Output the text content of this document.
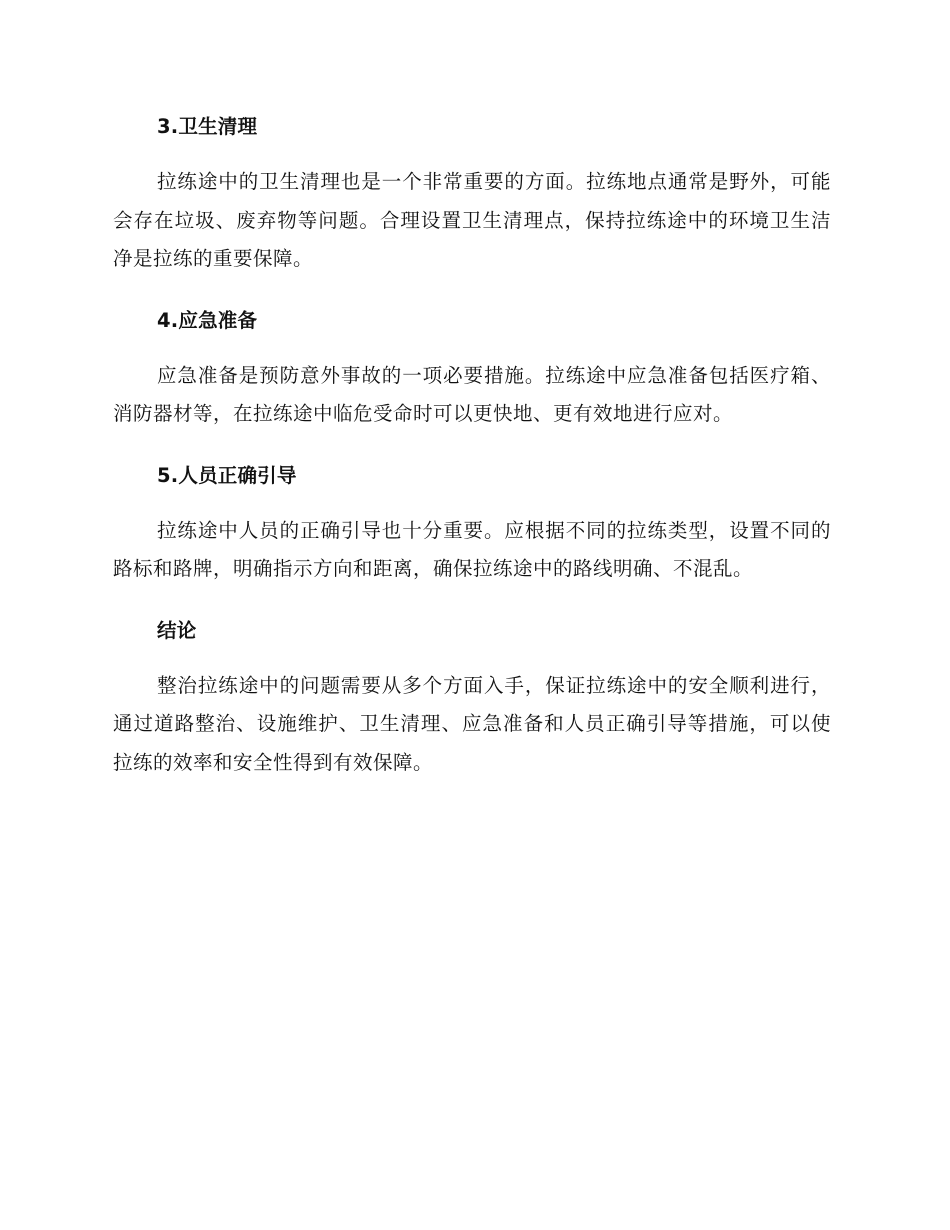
3.卫生清理

拉练途中的卫生清理也是一个非常重要的方面。拉练地点通常是野外，可能会存在垃圾、废弃物等问题。合理设置卫生清理点，保持拉练途中的环境卫生洁净是拉练的重要保障。

4.应急准备

应急准备是预防意外事故的一项必要措施。拉练途中应急准备包括医疗箱、消防器材等，在拉练途中临危受命时可以更快地、更有效地进行应对。

5.人员正确引导

拉练途中人员的正确引导也十分重要。应根据不同的拉练类型，设置不同的路标和路牌，明确指示方向和距离，确保拉练途中的路线明确、不混乱。

结论

整治拉练途中的问题需要从多个方面入手，保证拉练途中的安全顺利进行，通过道路整治、设施维护、卫生清理、应急准备和人员正确引导等措施，可以使拉练的效率和安全性得到有效保障。
